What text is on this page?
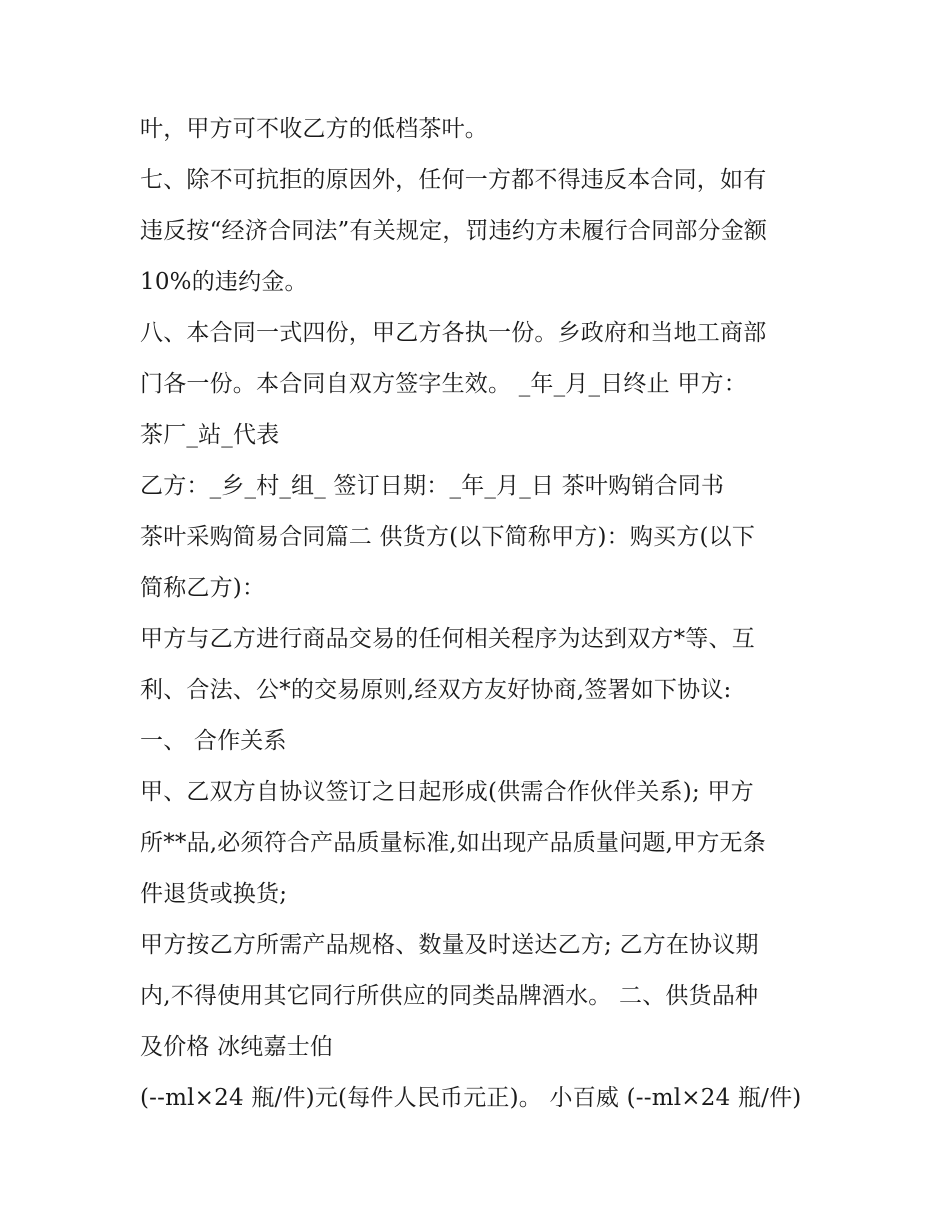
叶，甲方可不收乙方的低档茶叶。

七、除不可抗拒的原因外，任何一方都不得违反本合同，如有

违反按“经济合同法”有关规定，罚违约方未履行合同部分金额

10%的违约金。

八、本合同一式四份，甲乙方各执一份。乡政府和当地工商部

门各一份。本合同自双方签字生效。 _年_月_日终止 甲方：

茶厂_站_代表

乙方：_乡_村_组_ 签订日期：_年_月_日 茶叶购销合同书

茶叶采购简易合同篇二 供货方(以下简称甲方)：购买方(以下

简称乙方)：

甲方与乙方进行商品交易的任何相关程序为达到双方*等、互

利、合法、公*的交易原则,经双方友好协商,签署如下协议:

一、 合作关系

甲、乙双方自协议签订之日起形成(供需合作伙伴关系); 甲方

所**品,必须符合产品质量标准,如出现产品质量问题,甲方无条

件退货或换货;

甲方按乙方所需产品规格、数量及时送达乙方; 乙方在协议期

内,不得使用其它同行所供应的同类品牌酒水。 二、供货品种

及价格 冰纯嘉士伯

(--ml×24 瓶/件)元(每件人民币元正)。 小百威 (--ml×24 瓶/件)
